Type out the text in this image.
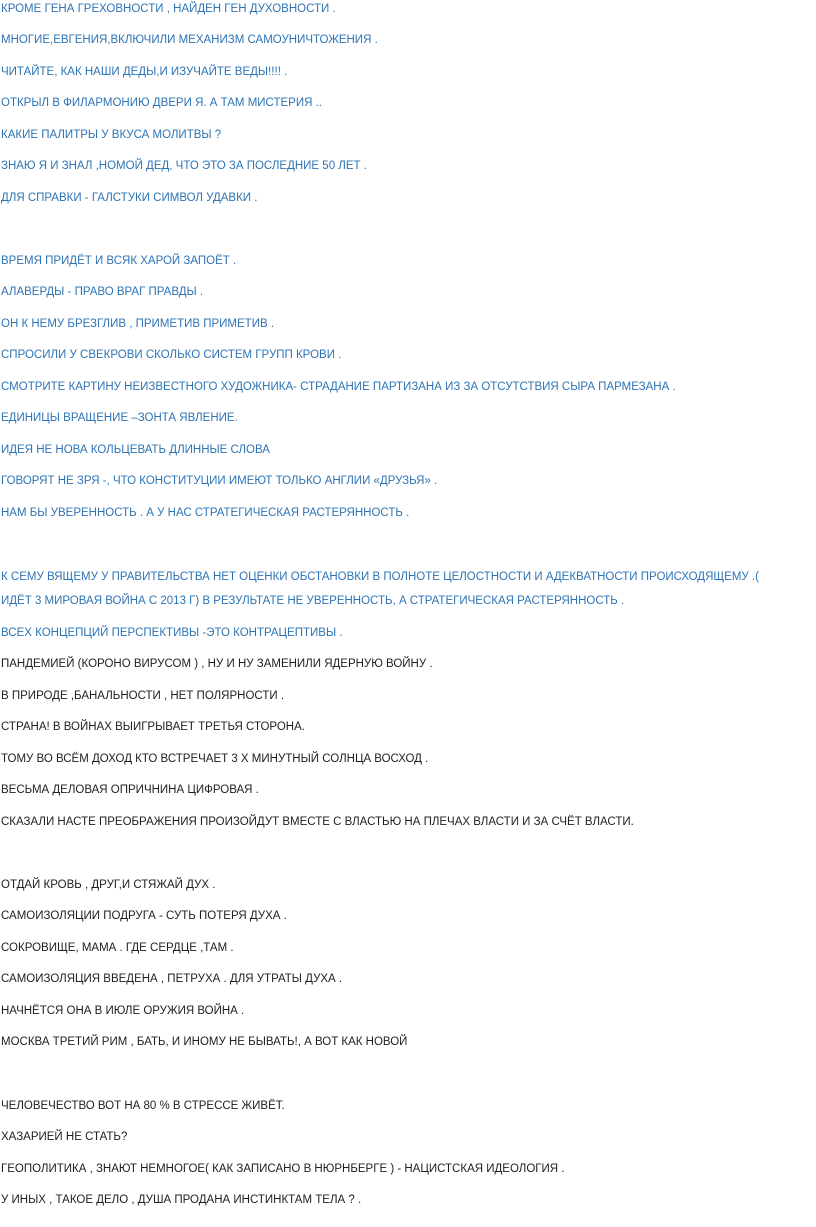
КРОМЕ ГЕНА ГРЕХОВНОСТИ , НАЙДЕН ГЕН ДУХОВНОСТИ .
МНОГИЕ,ЕВГЕНИЯ,ВКЛЮЧИЛИ МЕХАНИЗМ САМОУНИЧТОЖЕНИЯ .
ЧИТАЙТЕ, КАК НАШИ ДЕДЫ,И ИЗУЧАЙТЕ ВЕДЫ!!!! .
ОТКРЫЛ В ФИЛАРМОНИЮ ДВЕРИ Я. А ТАМ МИСТЕРИЯ ..
КАКИЕ ПАЛИТРЫ У ВКУСА МОЛИТВЫ ?
ЗНАЮ Я И ЗНАЛ ,НОМОЙ ДЕД, ЧТО ЭТО ЗА ПОСЛЕДНИЕ 50 ЛЕТ .
ДЛЯ СПРАВКИ - ГАЛСТУКИ СИМВОЛ УДАВКИ .
ВРЕМЯ ПРИДЁТ И ВСЯК ХАРОЙ ЗАПОЁТ .
АЛАВЕРДЫ - ПРАВО ВРАГ ПРАВДЫ .
ОН К НЕМУ БРЕЗГЛИВ , ПРИМЕТИВ ПРИМЕТИВ .
СПРОСИЛИ У СВЕКРОВИ СКОЛЬКО СИСТЕМ ГРУПП КРОВИ .
СМОТРИТЕ КАРТИНУ НЕИЗВЕСТНОГО ХУДОЖНИКА- СТРАДАНИЕ ПАРТИЗАНА ИЗ ЗА ОТСУТСТВИЯ СЫРА ПАРМЕЗАНА .
ЕДИНИЦЫ ВРАЩЕНИЕ –ЗОНТА ЯВЛЕНИЕ.
ИДЕЯ НЕ НОВА КОЛЬЦЕВАТЬ ДЛИННЫЕ СЛОВА
ГОВОРЯТ НЕ ЗРЯ -, ЧТО КОНСТИТУЦИИ ИМЕЮТ ТОЛЬКО АНГЛИИ «ДРУЗЬЯ» .
НАМ БЫ УВЕРЕННОСТЬ . А У НАС СТРАТЕГИЧЕСКАЯ РАСТЕРЯННОСТЬ .
К СЕМУ ВЯЩЕМУ У ПРАВИТЕЛЬСТВА НЕТ ОЦЕНКИ ОБСТАНОВКИ В ПОЛНОТЕ ЦЕЛОСТНОСТИ И АДЕКВАТНОСТИ ПРОИСХОДЯЩЕМУ .(
ИДЁТ 3 МИРОВАЯ ВОЙНА С 2013 Г) В РЕЗУЛЬТАТЕ НЕ УВЕРЕННОСТЬ, А СТРАТЕГИЧЕСКАЯ РАСТЕРЯННОСТЬ .
ВСЕХ КОНЦЕПЦИЙ ПЕРСПЕКТИВЫ -ЭТО КОНТРАЦЕПТИВЫ .
ПАНДЕМИЕЙ (КОРОНО ВИРУСОМ ) , НУ И НУ ЗАМЕНИЛИ ЯДЕРНУЮ ВОЙНУ .
В ПРИРОДЕ ,БАНАЛЬНОСТИ , НЕТ ПОЛЯРНОСТИ .
СТРАНА! В ВОЙНАХ ВЫИГРЫВАЕТ ТРЕТЬЯ СТОРОНА.
ТОМУ ВО ВСЁМ ДОХОД КТО ВСТРЕЧАЕТ 3 Х МИНУТНЫЙ СОЛНЦА ВОСХОД .
ВЕСЬМА ДЕЛОВАЯ ОПРИЧНИНА ЦИФРОВАЯ .
СКАЗАЛИ НАСТЕ ПРЕОБРАЖЕНИЯ ПРОИЗОЙДУТ ВМЕСТЕ С ВЛАСТЬЮ НА ПЛЕЧАХ ВЛАСТИ И ЗА СЧЁТ ВЛАСТИ.
ОТДАЙ КРОВЬ , ДРУГ,И СТЯЖАЙ ДУХ .
САМОИЗОЛЯЦИИ ПОДРУГА - СУТЬ ПОТЕРЯ ДУХА .
СОКРОВИЩЕ, МАМА . ГДЕ СЕРДЦЕ ,ТАМ .
САМОИЗОЛЯЦИЯ ВВЕДЕНА , ПЕТРУХА . ДЛЯ УТРАТЫ ДУХА .
НАЧНЁТСЯ ОНА В ИЮЛЕ ОРУЖИЯ ВОЙНА .
МОСКВА ТРЕТИЙ РИМ , БАТЬ, И ИНОМУ НЕ БЫВАТЬ!, А ВОТ КАК НОВОЙ
ЧЕЛОВЕЧЕСТВО ВОТ НА 80 % В СТРЕССЕ ЖИВЁТ.
ХАЗАРИЕЙ НЕ СТАТЬ?
ГЕОПОЛИТИКА , ЗНАЮТ НЕМНОГОЕ( КАК ЗАПИСАНО В НЮРНБЕРГЕ ) - НАЦИСТСКАЯ ИДЕОЛОГИЯ .
У ИНЫХ , ТАКОЕ ДЕЛО , ДУША ПРОДАНА ИНСТИНКТАМ ТЕЛА ? .
